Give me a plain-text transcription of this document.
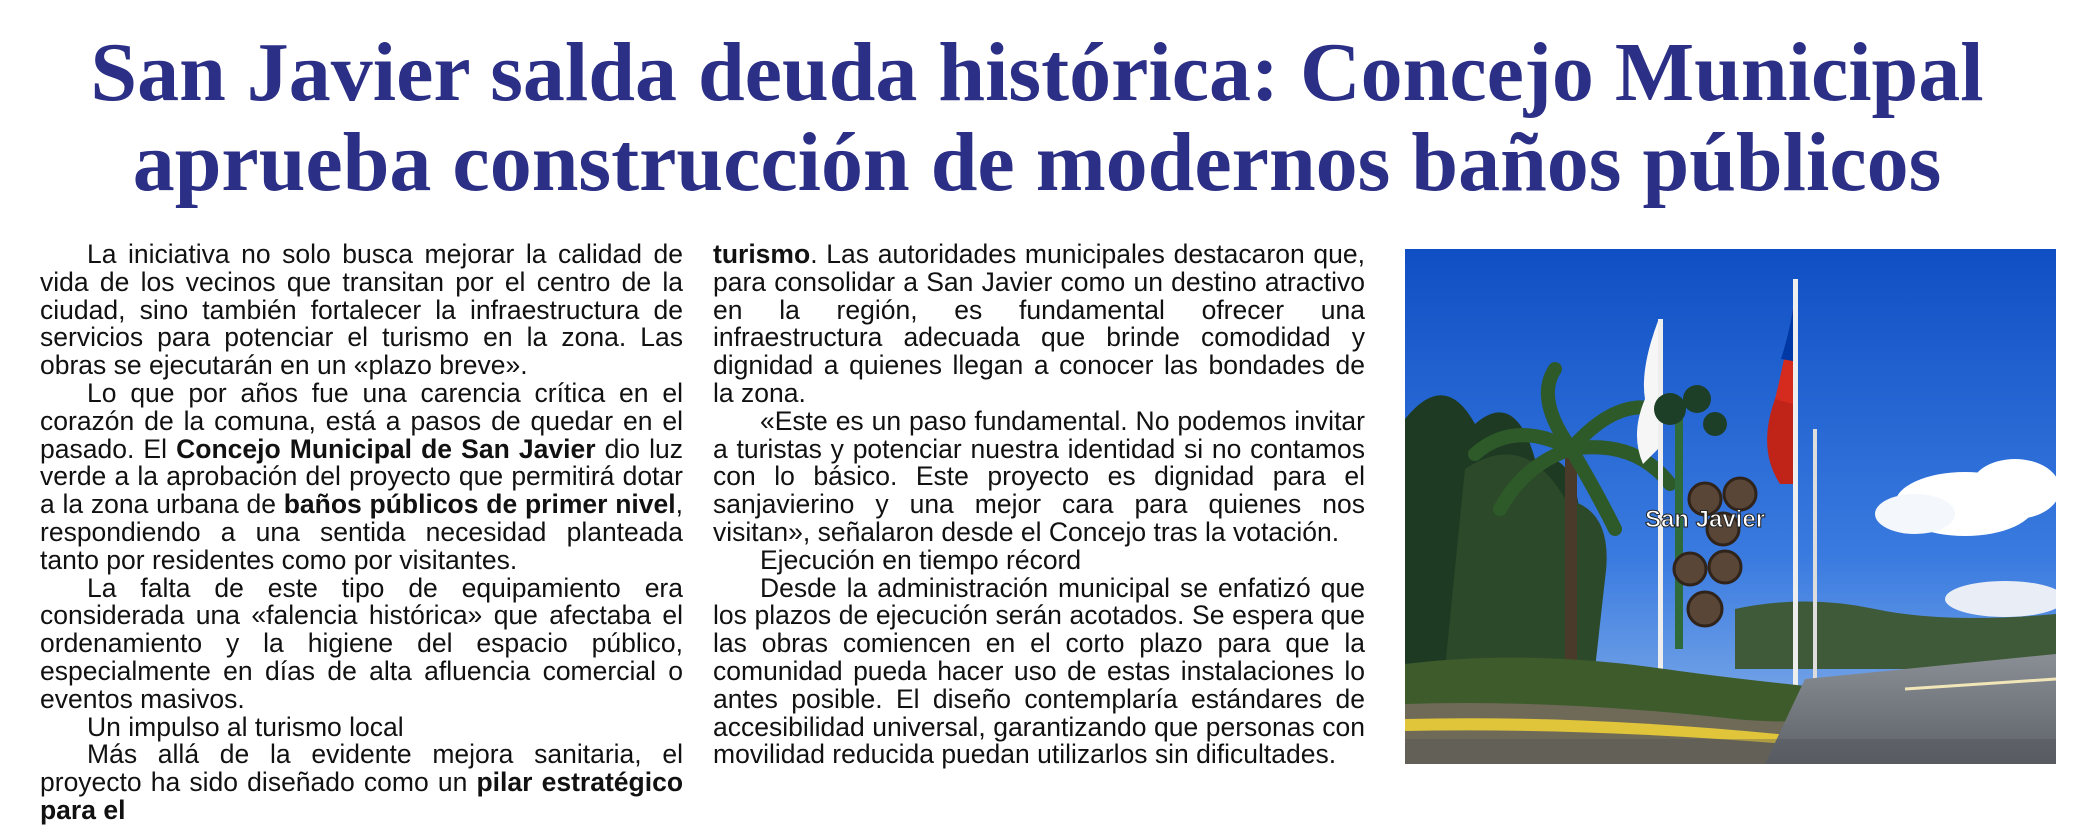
San Javier salda deuda histórica: Concejo Municipal
aprueba construcción de modernos baños públicos

La iniciativa no solo busca mejorar la calidad de vida de los vecinos que transitan por el centro de la ciudad, sino también fortalecer la infraestructura de servicios para potenciar el turismo en la zona. Las obras se ejecutarán en un «plazo breve».

Lo que por años fue una carencia crítica en el corazón de la comuna, está a pasos de quedar en el pasado. El Concejo Municipal de San Javier dio luz verde a la aprobación del proyecto que permitirá dotar a la zona urbana de baños públicos de primer nivel, respondiendo a una sentida necesidad planteada tanto por residentes como por visitantes.

La falta de este tipo de equipamiento era considerada una «falencia histórica» que afectaba el ordenamiento y la higiene del espacio público, especialmente en días de alta afluencia comercial o eventos masivos.

Un impulso al turismo local

Más allá de la evidente mejora sanitaria, el proyecto ha sido diseñado como un pilar estratégico para el

turismo. Las autoridades municipales destacaron que, para consolidar a San Javier como un destino atractivo en la región, es fundamental ofrecer una infraestructura adecuada que brinde comodidad y dignidad a quienes llegan a conocer las bondades de la zona.

«Este es un paso fundamental. No podemos invitar a turistas y potenciar nuestra identidad si no contamos con lo básico. Este proyecto es dignidad para el sanjavierino y una mejor cara para quienes nos visitan», señalaron desde el Concejo tras la votación.

Ejecución en tiempo récord

Desde la administración municipal se enfatizó que los plazos de ejecución serán acotados. Se espera que las obras comiencen en el corto plazo para que la comunidad pueda hacer uso de estas instalaciones lo antes posible. El diseño contemplaría estándares de accesibilidad universal, garantizando que personas con movilidad reducida puedan utilizarlos sin dificultades.

San Javier
